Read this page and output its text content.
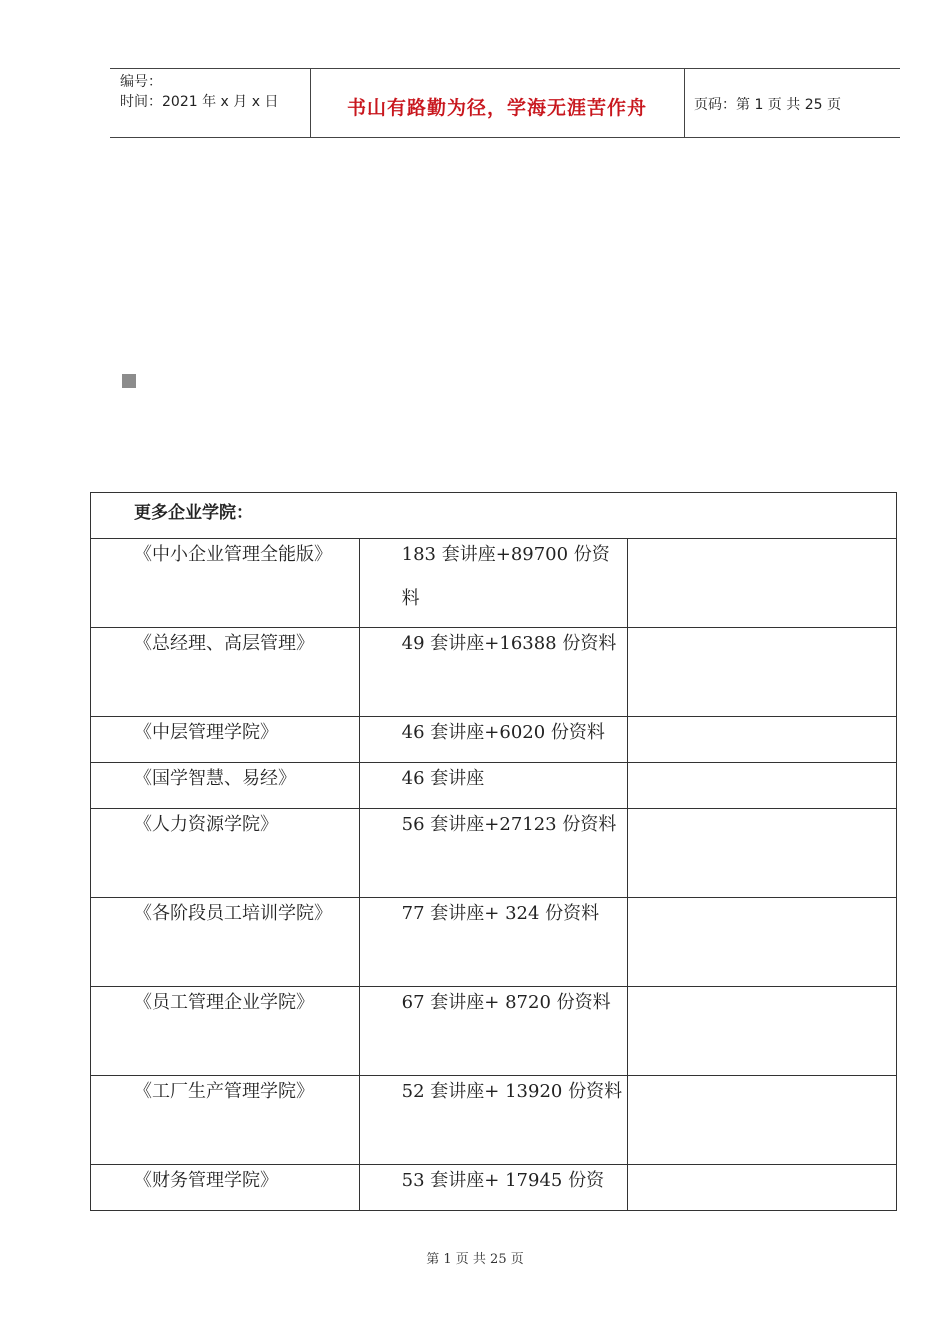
编号：
时间：2021 年 x 月 x 日	书山有路勤为径，学海无涯苦作舟	页码：第 1 页 共 25 页
更多企业学院：		

《中小企业管理全能版》	183 套讲座+89700 份资料	

《总经理、高层管理》	49 套讲座+16388 份资料	

《中层管理学院》	46 套讲座+6020 份资料	

《国学智慧、易经》	46 套讲座	

《人力资源学院》	56 套讲座+27123 份资料	

《各阶段员工培训学院》	77 套讲座+ 324 份资料	

《员工管理企业学院》	67 套讲座+ 8720 份资料	

《工厂生产管理学院》	52 套讲座+ 13920 份资料	

《财务管理学院》	53 套讲座+ 17945 份资	

第 1 页 共 25 页
